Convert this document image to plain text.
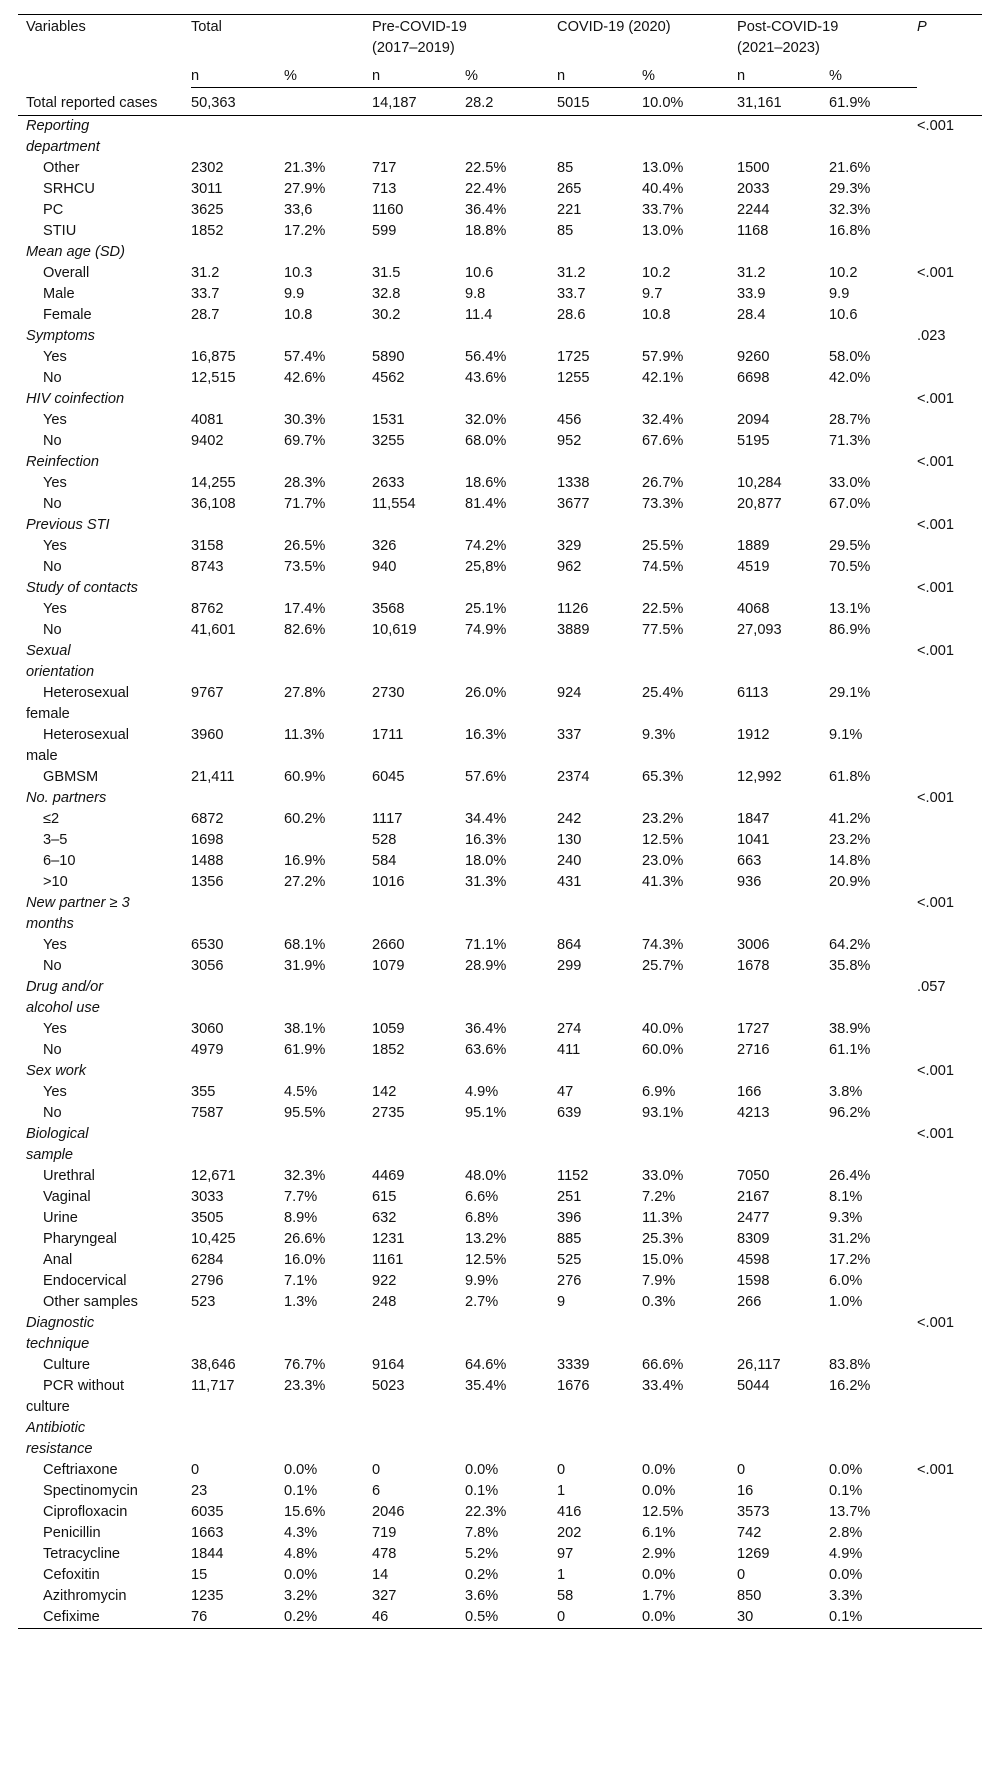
Variables	Total		Pre-COVID-19
(2017–2019)		COVID-19 (2020)		Post-COVID-19
(2021–2023)		P
	n	%	n	%	n	%	n	%	
Total reported cases	50,363		14,187	28.2	5015	10.0%	31,161	61.9%	
Reporting
department									<.001
Other	2302	21.3%	717	22.5%	85	13.0%	1500	21.6%	
SRHCU	3011	27.9%	713	22.4%	265	40.4%	2033	29.3%	
PC	3625	33,6	1160	36.4%	221	33.7%	2244	32.3%	
STIU	1852	17.2%	599	18.8%	85	13.0%	1168	16.8%	
Mean age (SD)									
Overall	31.2	10.3	31.5	10.6	31.2	10.2	31.2	10.2	<.001
Male	33.7	9.9	32.8	9.8	33.7	9.7	33.9	9.9	
Female	28.7	10.8	30.2	11.4	28.6	10.8	28.4	10.6	
Symptoms									.023
Yes	16,875	57.4%	5890	56.4%	1725	57.9%	9260	58.0%	
No	12,515	42.6%	4562	43.6%	1255	42.1%	6698	42.0%	
HIV coinfection									<.001
Yes	4081	30.3%	1531	32.0%	456	32.4%	2094	28.7%	
No	9402	69.7%	3255	68.0%	952	67.6%	5195	71.3%	
Reinfection									<.001
Yes	14,255	28.3%	2633	18.6%	1338	26.7%	10,284	33.0%	
No	36,108	71.7%	11,554	81.4%	3677	73.3%	20,877	67.0%	
Previous STI									<.001
Yes	3158	26.5%	326	74.2%	329	25.5%	1889	29.5%	
No	8743	73.5%	940	25,8%	962	74.5%	4519	70.5%	
Study of contacts									<.001
Yes	8762	17.4%	3568	25.1%	1126	22.5%	4068	13.1%	
No	41,601	82.6%	10,619	74.9%	3889	77.5%	27,093	86.9%	
Sexual
orientation									<.001
Heterosexual
female	9767	27.8%	2730	26.0%	924	25.4%	6113	29.1%	
Heterosexual
male	3960	11.3%	1711	16.3%	337	9.3%	1912	9.1%	
GBMSM	21,411	60.9%	6045	57.6%	2374	65.3%	12,992	61.8%	
No. partners									<.001
≤2	6872	60.2%	1117	34.4%	242	23.2%	1847	41.2%	
3–5	1698		528	16.3%	130	12.5%	1041	23.2%	
6–10	1488	16.9%	584	18.0%	240	23.0%	663	14.8%	
>10	1356	27.2%	1016	31.3%	431	41.3%	936	20.9%	
New partner ≥ 3
months									<.001
Yes	6530	68.1%	2660	71.1%	864	74.3%	3006	64.2%	
No	3056	31.9%	1079	28.9%	299	25.7%	1678	35.8%	
Drug and/or
alcohol use									.057
Yes	3060	38.1%	1059	36.4%	274	40.0%	1727	38.9%	
No	4979	61.9%	1852	63.6%	411	60.0%	2716	61.1%	
Sex work									<.001
Yes	355	4.5%	142	4.9%	47	6.9%	166	3.8%	
No	7587	95.5%	2735	95.1%	639	93.1%	4213	96.2%	
Biological
sample									<.001
Urethral	12,671	32.3%	4469	48.0%	1152	33.0%	7050	26.4%	
Vaginal	3033	7.7%	615	6.6%	251	7.2%	2167	8.1%	
Urine	3505	8.9%	632	6.8%	396	11.3%	2477	9.3%	
Pharyngeal	10,425	26.6%	1231	13.2%	885	25.3%	8309	31.2%	
Anal	6284	16.0%	1161	12.5%	525	15.0%	4598	17.2%	
Endocervical	2796	7.1%	922	9.9%	276	7.9%	1598	6.0%	
Other samples	523	1.3%	248	2.7%	9	0.3%	266	1.0%	
Diagnostic
technique									<.001
Culture	38,646	76.7%	9164	64.6%	3339	66.6%	26,117	83.8%	
PCR without
culture	11,717	23.3%	5023	35.4%	1676	33.4%	5044	16.2%	
Antibiotic
resistance									
Ceftriaxone	0	0.0%	0	0.0%	0	0.0%	0	0.0%	<.001
Spectinomycin	23	0.1%	6	0.1%	1	0.0%	16	0.1%	
Ciprofloxacin	6035	15.6%	2046	22.3%	416	12.5%	3573	13.7%	
Penicillin	1663	4.3%	719	7.8%	202	6.1%	742	2.8%	
Tetracycline	1844	4.8%	478	5.2%	97	2.9%	1269	4.9%	
Cefoxitin	15	0.0%	14	0.2%	1	0.0%	0	0.0%	
Azithromycin	1235	3.2%	327	3.6%	58	1.7%	850	3.3%	
Cefixime	76	0.2%	46	0.5%	0	0.0%	30	0.1%	
